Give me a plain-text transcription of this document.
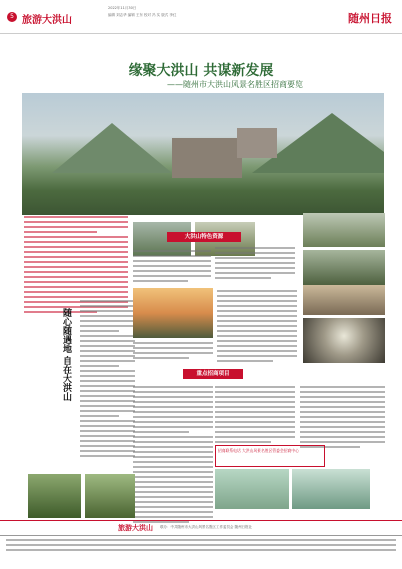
5 旅游大洪山
2022年11月30日
编辑 刘志华 编辑 王东 校对 冯 实 版式 李红	随州日报
缘聚大洪山 共谋新发展
——随州市大洪山风景名胜区招商要览
大洪山特色资源
随心随遇地 自在大洪山	重点招商项目
招商联系电话 大洪山风景名胜区管委会招商中心
旅游大洪山 联办：中共随州市大洪山风景名胜区工作委员会 随州日报社
